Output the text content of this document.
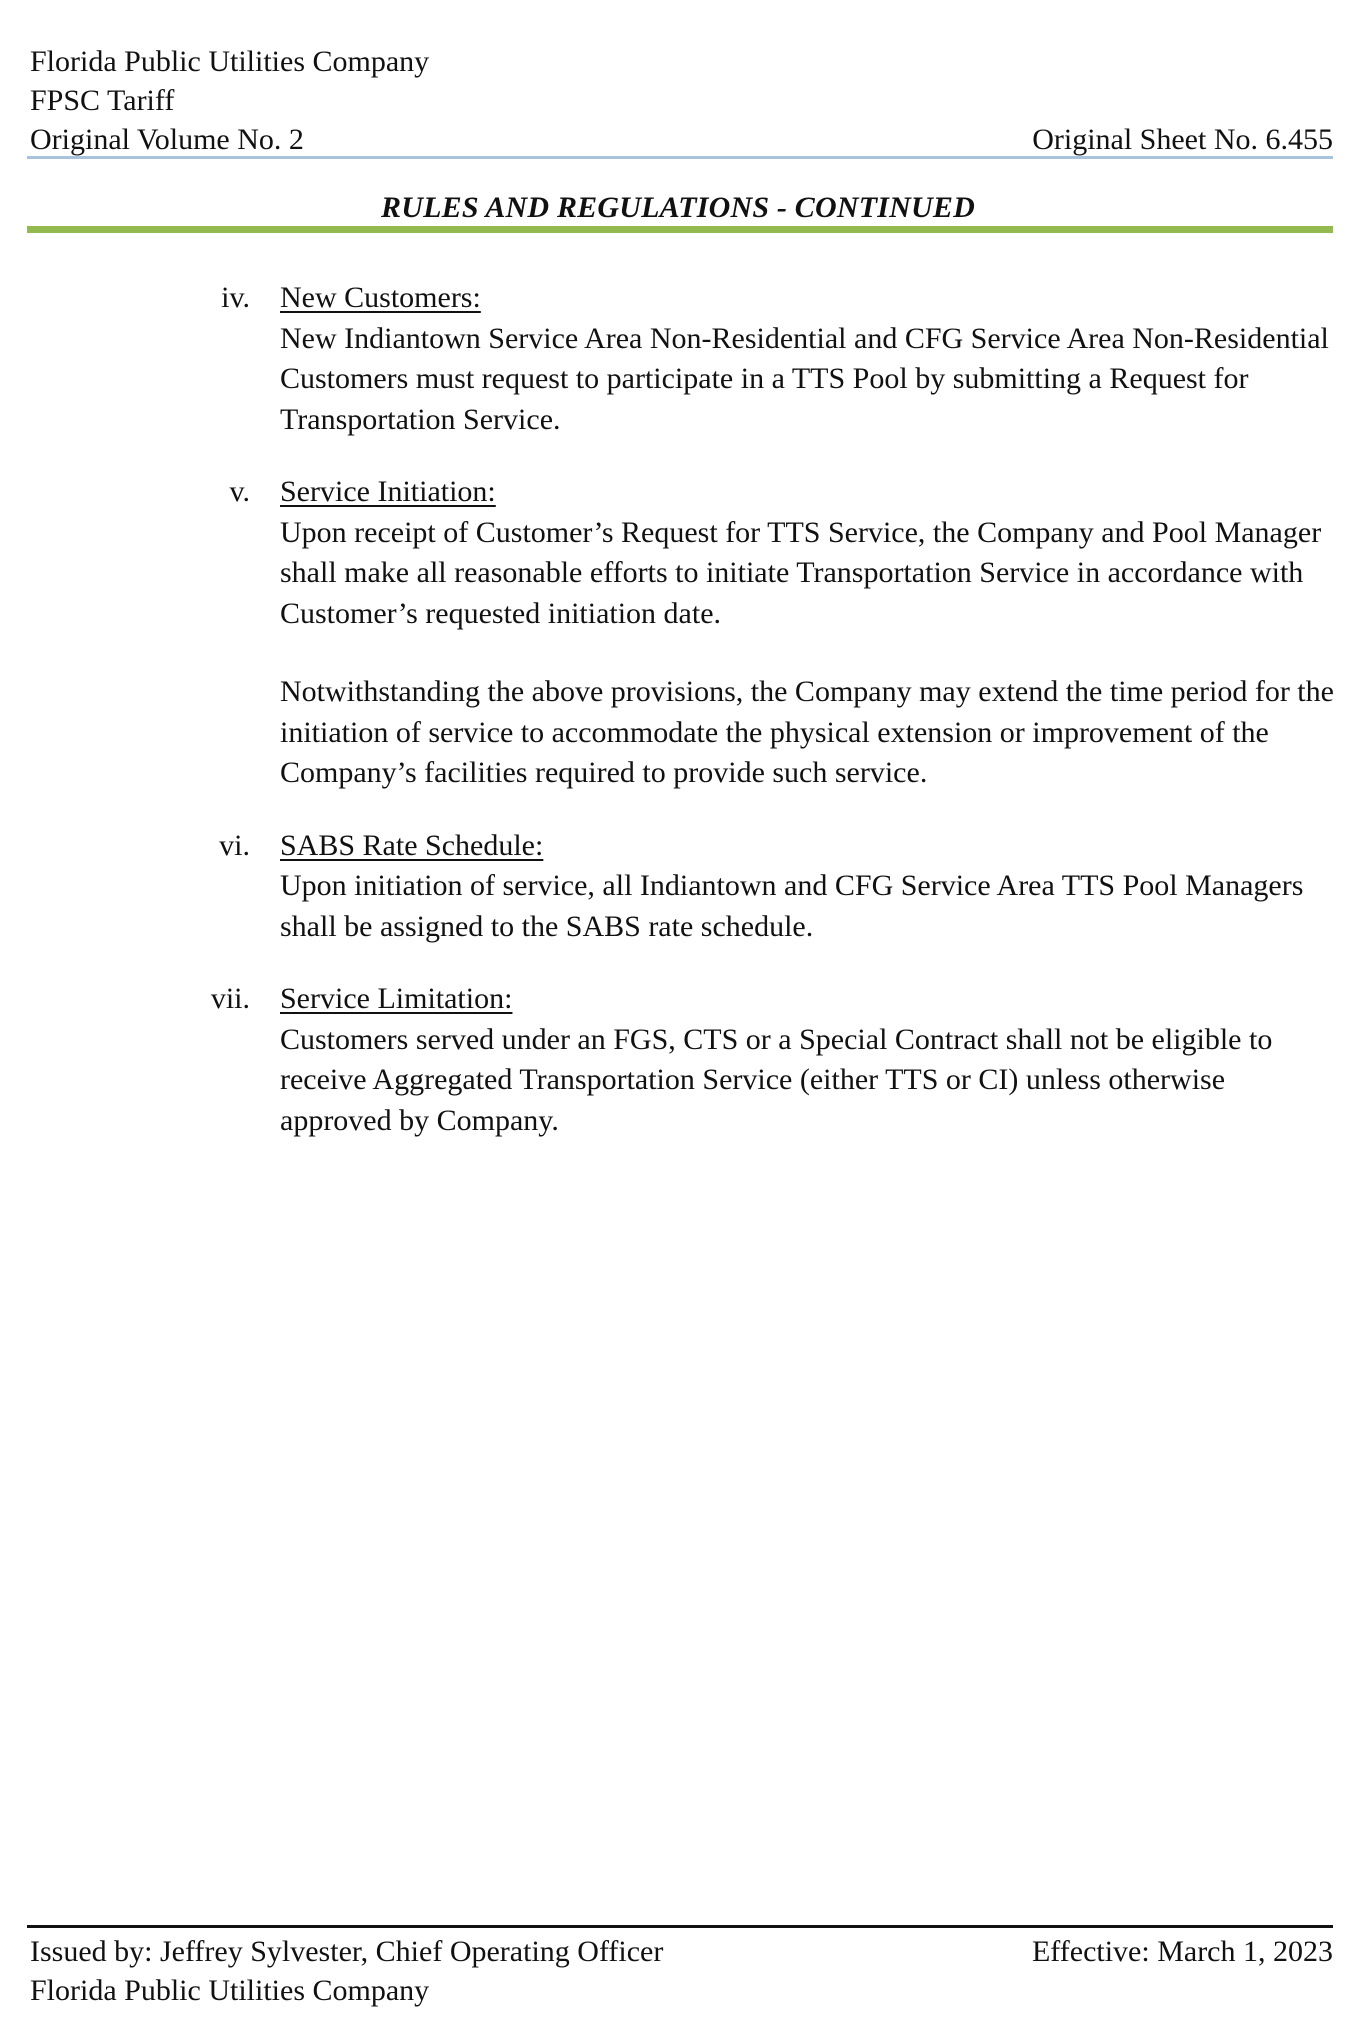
Florida Public Utilities Company
FPSC Tariff
Original Volume No. 2	Original Sheet No. 6.455
RULES AND REGULATIONS - CONTINUED
iv. New Customers:

New Indiantown Service Area Non-Residential and CFG Service Area Non-Residential Customers must request to participate in a TTS Pool by submitting a Request for Transportation Service.

v. Service Initiation:

Upon receipt of Customer’s Request for TTS Service, the Company and Pool Manager shall make all reasonable efforts to initiate Transportation Service in accordance with Customer’s requested initiation date.

Notwithstanding the above provisions, the Company may extend the time period for the initiation of service to accommodate the physical extension or improvement of the Company’s facilities required to provide such service.

vi. SABS Rate Schedule:

Upon initiation of service, all Indiantown and CFG Service Area TTS Pool Managers shall be assigned to the SABS rate schedule.

vii. Service Limitation:

Customers served under an FGS, CTS or a Special Contract shall not be eligible to receive Aggregated Transportation Service (either TTS or CI) unless otherwise approved by Company.

Issued by: Jeffrey Sylvester, Chief Operating Officer	Effective: March 1, 2023
Florida Public Utilities Company
